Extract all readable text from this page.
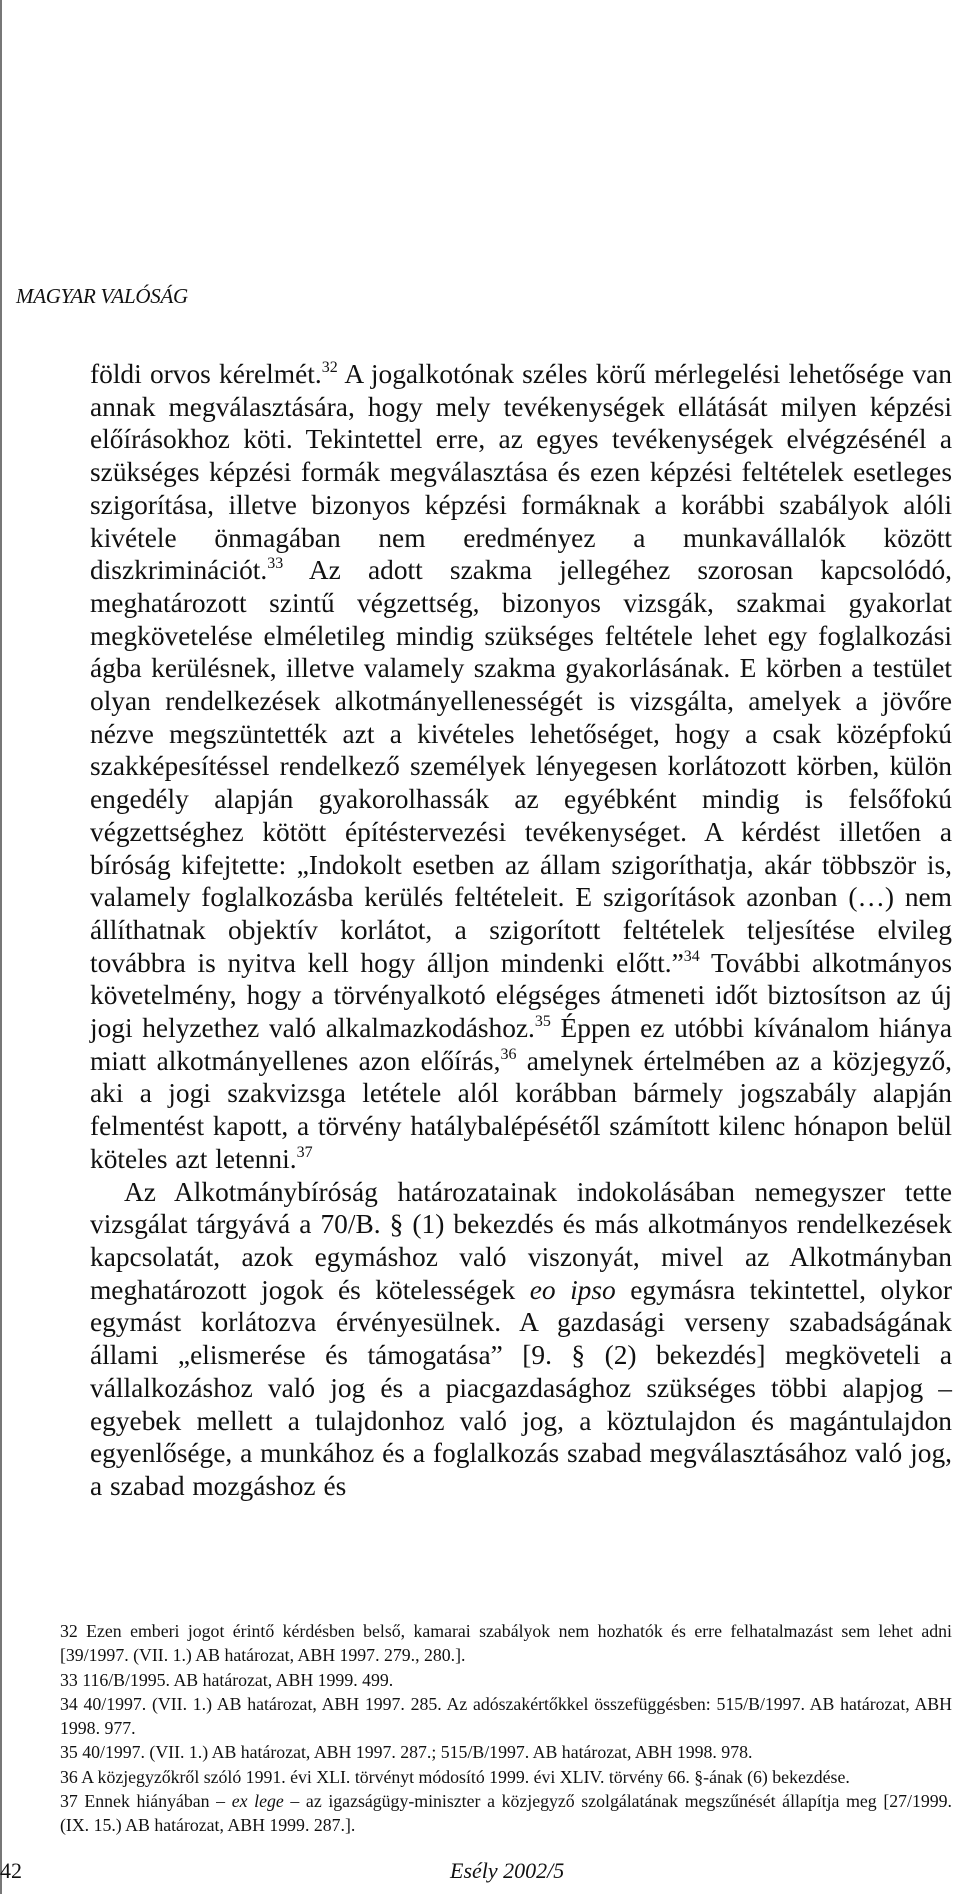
MAGYAR VALÓSÁG

földi orvos kérelmét.$^{32}$ A jogalkotónak széles körű mérlegelési lehetősége van annak megválasztására, hogy mely tevékenységek ellátását milyen képzési előírásokhoz köti. Tekintettel erre, az egyes tevékenységek elvégzésénél a szükséges képzési formák megválasztása és ezen képzési feltételek esetleges szigorítása, illetve bizonyos képzési formáknak a korábbi szabályok alóli kivétele önmagában nem eredményez a munkavállalók között diszkriminációt.$^{33}$ Az adott szakma jellegéhez szorosan kapcsolódó, meghatározott szintű végzettség, bizonyos vizsgák, szakmai gyakorlat megkövetelése elméletileg mindig szükséges feltétele lehet egy foglalkozási ágba kerülésnek, illetve valamely szakma gyakorlásának. E körben a testület olyan rendelkezések alkotmányellenességét is vizsgálta, amelyek a jövőre nézve megszüntették azt a kivételes lehetőséget, hogy a csak középfokú szakképesítéssel rendelkező személyek lényegesen korlátozott körben, külön engedély alapján gyakorolhassák az egyébként mindig is felsőfokú végzettséghez kötött építéstervezési tevékenységet. A kérdést illetően a bíróság kifejtette: „Indokolt esetben az állam szigoríthatja, akár többször is, valamely foglalkozásba kerülés feltételeit. E szigorítások azonban (…) nem állíthatnak objektív korlátot, a szigorított feltételek teljesítése elvileg továbbra is nyitva kell hogy álljon mindenki előtt.”$^{34}$ További alkotmányos követelmény, hogy a törvényalkotó elégséges átmeneti időt biztosítson az új jogi helyzethez való alkalmazkodáshoz.$^{35}$ Éppen ez utóbbi kívánalom hiánya miatt alkotmányellenes azon előírás,$^{36}$ amelynek értelmében az a közjegyző, aki a jogi szakvizsga letétele alól korábban bármely jogszabály alapján felmentést kapott, a törvény hatálybalépésétől számított kilenc hónapon belül köteles azt letenni.$^{37}$

Az Alkotmánybíróság határozatainak indokolásában nemegyszer tette vizsgálat tárgyává a 70/B. § (1) bekezdés és más alkotmányos rendelkezések kapcsolatát, azok egymáshoz való viszonyát, mivel az Alkotmányban meghatározott jogok és kötelességek eo ipso egymásra tekintettel, olykor egymást korlátozva érvényesülnek. A gazdasági verseny szabadságának állami „elismerése és támogatása” [9. § (2) bekezdés] megköveteli a vállalkozáshoz való jog és a piacgazdasághoz szükséges többi alapjog – egyebek mellett a tulajdonhoz való jog, a köztulajdon és magántulajdon egyenlősége, a munkához és a foglalkozás szabad megválasztásához való jog, a szabad mozgáshoz és

32 Ezen emberi jogot érintő kérdésben belső, kamarai szabályok nem hozhatók és erre felhatalmazást sem lehet adni [39/1997. (VII. 1.) AB határozat, ABH 1997. 279., 280.].

33 116/B/1995. AB határozat, ABH 1999. 499.

34 40/1997. (VII. 1.) AB határozat, ABH 1997. 285. Az adószakértőkkel összefüggésben: 515/B/1997. AB határozat, ABH 1998. 977.

35 40/1997. (VII. 1.) AB határozat, ABH 1997. 287.; 515/B/1997. AB határozat, ABH 1998. 978.

36 A közjegyzőkről szóló 1991. évi XLI. törvényt módosító 1999. évi XLIV. törvény 66. §-ának (6) bekezdése.

37 Ennek hiányában – ex lege – az igazságügy-miniszter a közjegyző szolgálatának megszűnését állapítja meg [27/1999. (IX. 15.) AB határozat, ABH 1999. 287.].

42	Esély 2002/5
